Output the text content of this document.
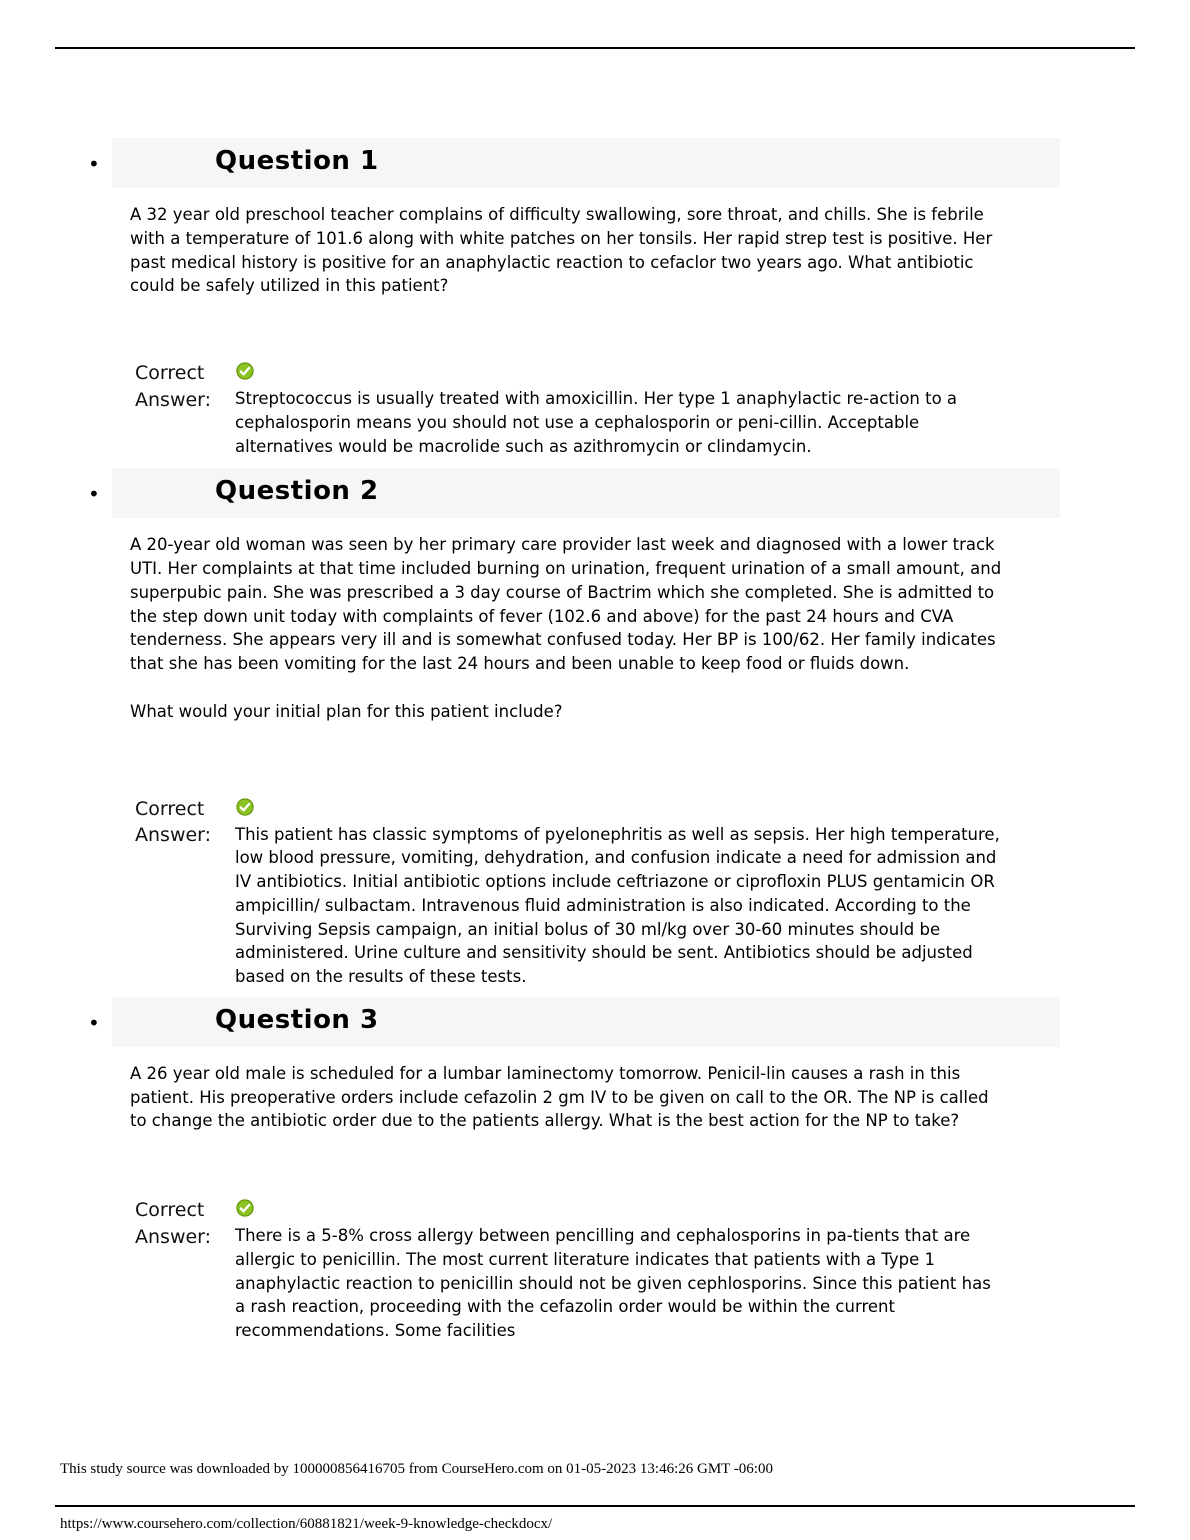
•	Question 1

A 32 year old preschool teacher complains of difficulty swallowing, sore throat, and chills. She is febrile with a temperature of 101.6 along with white patches on her tonsils. Her rapid strep test is positive. Her past medical history is positive for an anaphylactic reaction to cefaclor two years ago. What antibiotic could be safely utilized in this patient?

Correct
Answer:	Streptococcus is usually treated with amoxicillin. Her type 1 anaphylactic re-action to a cephalosporin means you should not use a cephalosporin or peni-cillin. Acceptable alternatives would be macrolide such as azithromycin or clindamycin.
•	Question 2

A 20-year old woman was seen by her primary care provider last week and diagnosed with a lower track UTI. Her complaints at that time included burning on urination, frequent urination of a small amount, and superpubic pain. She was prescribed a 3 day course of Bactrim which she completed. She is admitted to the step down unit today with complaints of fever (102.6 and above) for the past 24 hours and CVA tenderness. She appears very ill and is somewhat confused today. Her BP is 100/62. Her family indicates that she has been vomiting for the last 24 hours and been unable to keep food or fluids down.

What would your initial plan for this patient include?

Correct
Answer:	This patient has classic symptoms of pyelonephritis as well as sepsis. Her high temperature, low blood pressure, vomiting, dehydration, and confusion indicate a need for admission and IV antibiotics. Initial antibiotic options include ceftriazone or ciprofloxin PLUS gentamicin OR ampicillin/ sulbactam. Intravenous fluid administration is also indicated. According to the Surviving Sepsis campaign, an initial bolus of 30 ml/kg over 30-60 minutes should be administered. Urine culture and sensitivity should be sent. Antibiotics should be adjusted based on the results of these tests.
•	Question 3

A 26 year old male is scheduled for a lumbar laminectomy tomorrow. Penicil-lin causes a rash in this patient. His preoperative orders include cefazolin 2 gm IV to be given on call to the OR. The NP is called to change the antibiotic order due to the patients allergy. What is the best action for the NP to take?

Correct
Answer:	There is a 5-8% cross allergy between pencilling and cephalosporins in pa-tients that are allergic to penicillin. The most current literature indicates that patients with a Type 1 anaphylactic reaction to penicillin should not be given cephlosporins. Since this patient has a rash reaction, proceeding with the cefazolin order would be within the current recommendations. Some facilities
This study source was downloaded by 100000856416705 from CourseHero.com on 01-05-2023 13:46:26 GMT -06:00
https://www.coursehero.com/collection/60881821/week-9-knowledge-checkdocx/
